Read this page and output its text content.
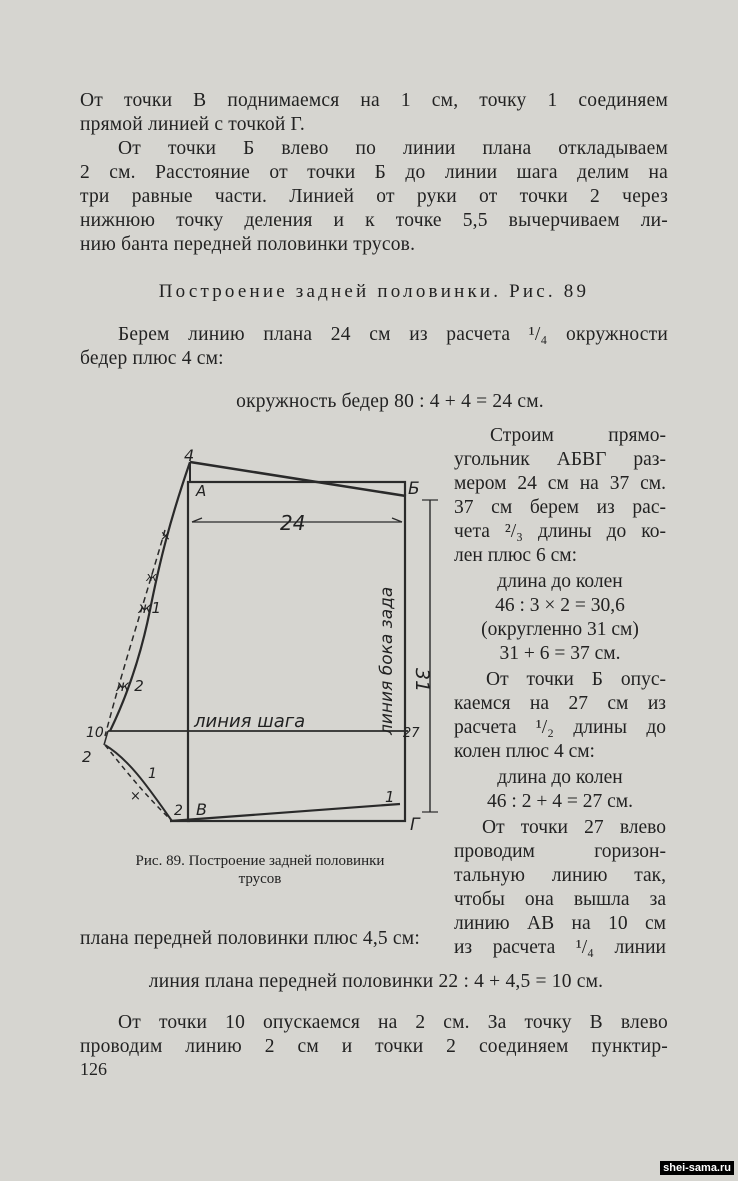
От точки В поднимаемся на 1 см, точку 1 соединяем
прямой линией с точкой Г.
От точки Б влево по линии плана откладываем
2 см. Расстояние от точки Б до линии шага делим на
три равные части. Линией от руки от точки 2 через
нижнюю точку деления и к точке 5,5 вычерчиваем ли-
нию банта передней половинки трусов.
Построение задней половинки. Рис. 89
Берем линию плана 24 см из расчета ¹/₄ окружности
бедер плюс 4 см:
окружность бедер 80 : 4 + 4 = 24 см.
4
А	Б
В
Г
24
31
линия бока зада
линия шага
27
10
2
2
1
1
ж1
ж 2
×
×
ж
Рис. 89. Построение задней половинки
трусов
Строим прямо-
угольник АБВГ раз-
мером 24 см на 37 см.
37 см берем из рас-
чета ²/₃ длины до ко-
лен плюс 6 см:
длина до колен
46 : 3 × 2 = 30,6
(округленно 31 см)
31 + 6 = 37 см.
От точки Б опус-
каемся на 27 см из
расчета ¹/₂ длины до
колен плюс 4 см:
длина до колен
46 : 2 + 4 = 27 см.
От точки 27 влево
проводим горизон-
тальную линию так,
чтобы она вышла за
линию АВ на 10 см
из расчета ¹/₄ линии
плана передней половинки плюс 4,5 см:
линия плана передней половинки 22 : 4 + 4,5 = 10 см.
От точки 10 опускаемся на 2 см. За точку В влево
проводим линию 2 см и точки 2 соединяем пунктир-
126
shei-sama.ru
